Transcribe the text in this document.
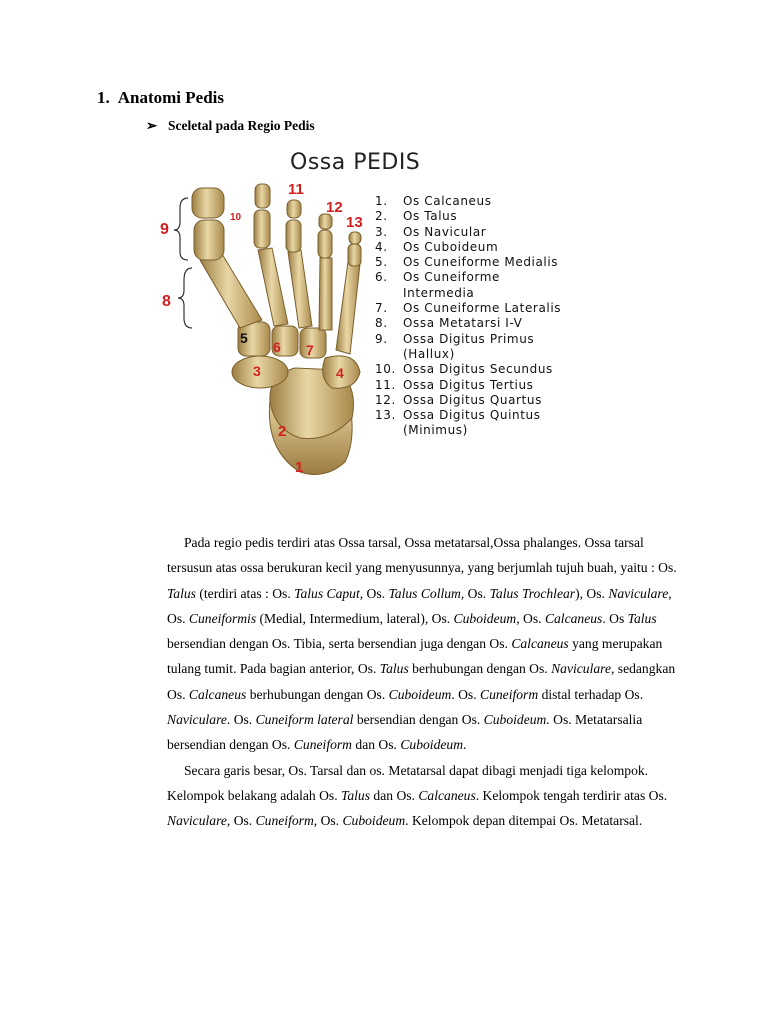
1. Anatomi Pedis
➢ Sceletal pada Regio Pedis
Ossa PEDIS
9
10
11
12
13
8
5
6 7
3	4
2
1
1. Os Calcaneus
2. Os Talus
3. Os Navicular
4. Os Cuboideum
5. Os Cuneiforme Medialis
6. Os Cuneiforme
Intermedia
7. Os Cuneiforme Lateralis
8. Ossa Metatarsi I-V
9. Ossa Digitus Primus
(Hallux)
10. Ossa Digitus Secundus
11. Ossa Digitus Tertius
12. Ossa Digitus Quartus
13. Ossa Digitus Quintus
(Minimus)

Pada regio pedis terdiri atas Ossa tarsal, Ossa metatarsal,Ossa phalanges. Ossa tarsal tersusun atas ossa berukuran kecil yang menyusunnya, yang berjumlah tujuh buah, yaitu : Os. Talus (terdiri atas : Os. Talus Caput, Os. Talus Collum, Os. Talus Trochlear), Os. Naviculare, Os. Cuneiformis (Medial, Intermedium, lateral), Os. Cuboideum, Os. Calcaneus. Os Talus bersendian dengan Os. Tibia, serta bersendian juga dengan Os. Calcaneus yang merupakan tulang tumit. Pada bagian anterior, Os. Talus berhubungan dengan Os. Naviculare, sedangkan Os. Calcaneus berhubungan dengan Os. Cuboideum. Os. Cuneiform distal terhadap Os. Naviculare. Os. Cuneiform lateral bersendian dengan Os. Cuboideum. Os. Metatarsalia bersendian dengan Os. Cuneiform dan Os. Cuboideum.

Secara garis besar, Os. Tarsal dan os. Metatarsal dapat dibagi menjadi tiga kelompok. Kelompok belakang adalah Os. Talus dan Os. Calcaneus. Kelompok tengah terdirir atas Os. Naviculare, Os. Cuneiform, Os. Cuboideum. Kelompok depan ditempai Os. Metatarsal.
